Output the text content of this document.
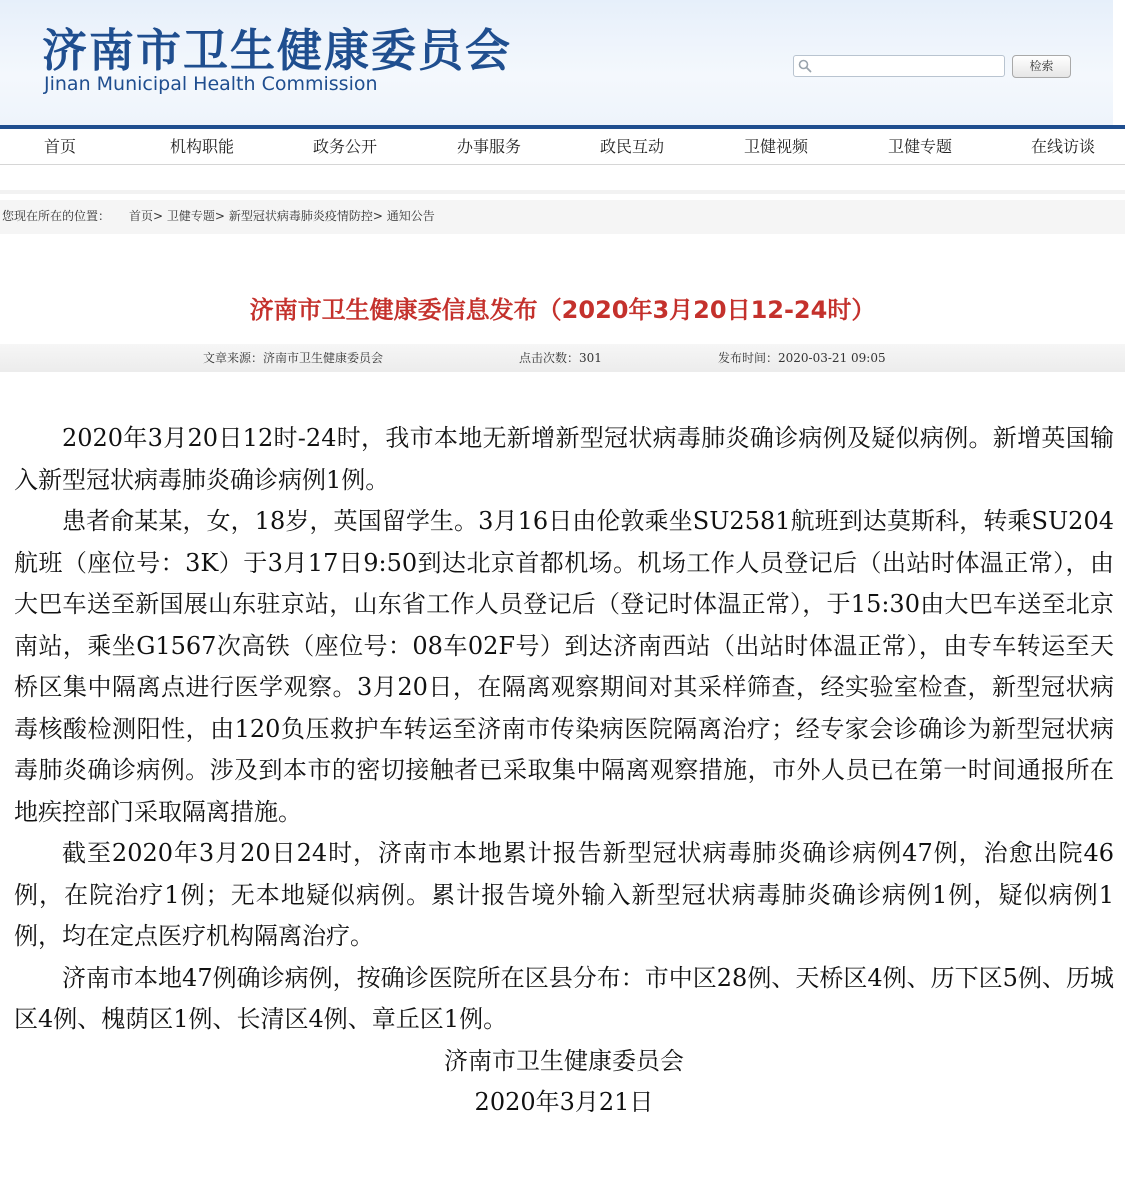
济南市卫生健康委员会
Jinan Municipal Health Commission
检索
首页	机构职能	政务公开	办事服务	政民互动	卫健视频	卫健专题	在线访谈
您现在所在的位置： 首页> 卫健专题> 新型冠状病毒肺炎疫情防控> 通知公告
济南市卫生健康委信息发布（2020年3月20日12-24时）
文章来源：济南市卫生健康委员会	点击次数：301	发布时间：2020-03-21 09:05

2020年3月20日12时-24时，我市本地无新增新型冠状病毒肺炎确诊病例及疑似病例。新增英国输入新型冠状病毒肺炎确诊病例1例。

患者俞某某，女，18岁，英国留学生。3月16日由伦敦乘坐SU2581航班到达莫斯科，转乘SU204航班（座位号：3K）于3月17日9:50到达北京首都机场。机场工作人员登记后（出站时体温正常），由大巴车送至新国展山东驻京站，山东省工作人员登记后（登记时体温正常），于15:30由大巴车送至北京南站，乘坐G1567次高铁（座位号：08车02F号）到达济南西站（出站时体温正常），由专车转运至天桥区集中隔离点进行医学观察。3月20日，在隔离观察期间对其采样筛查，经实验室检查，新型冠状病毒核酸检测阳性，由120负压救护车转运至济南市传染病医院隔离治疗；经专家会诊确诊为新型冠状病毒肺炎确诊病例。涉及到本市的密切接触者已采取集中隔离观察措施，市外人员已在第一时间通报所在地疾控部门采取隔离措施。

截至2020年3月20日24时，济南市本地累计报告新型冠状病毒肺炎确诊病例47例，治愈出院46例，在院治疗1例；无本地疑似病例。累计报告境外输入新型冠状病毒肺炎确诊病例1例，疑似病例1例，均在定点医疗机构隔离治疗。

济南市本地47例确诊病例，按确诊医院所在区县分布：市中区28例、天桥区4例、历下区5例、历城区4例、槐荫区1例、长清区4例、章丘区1例。

济南市卫生健康委员会

2020年3月21日
